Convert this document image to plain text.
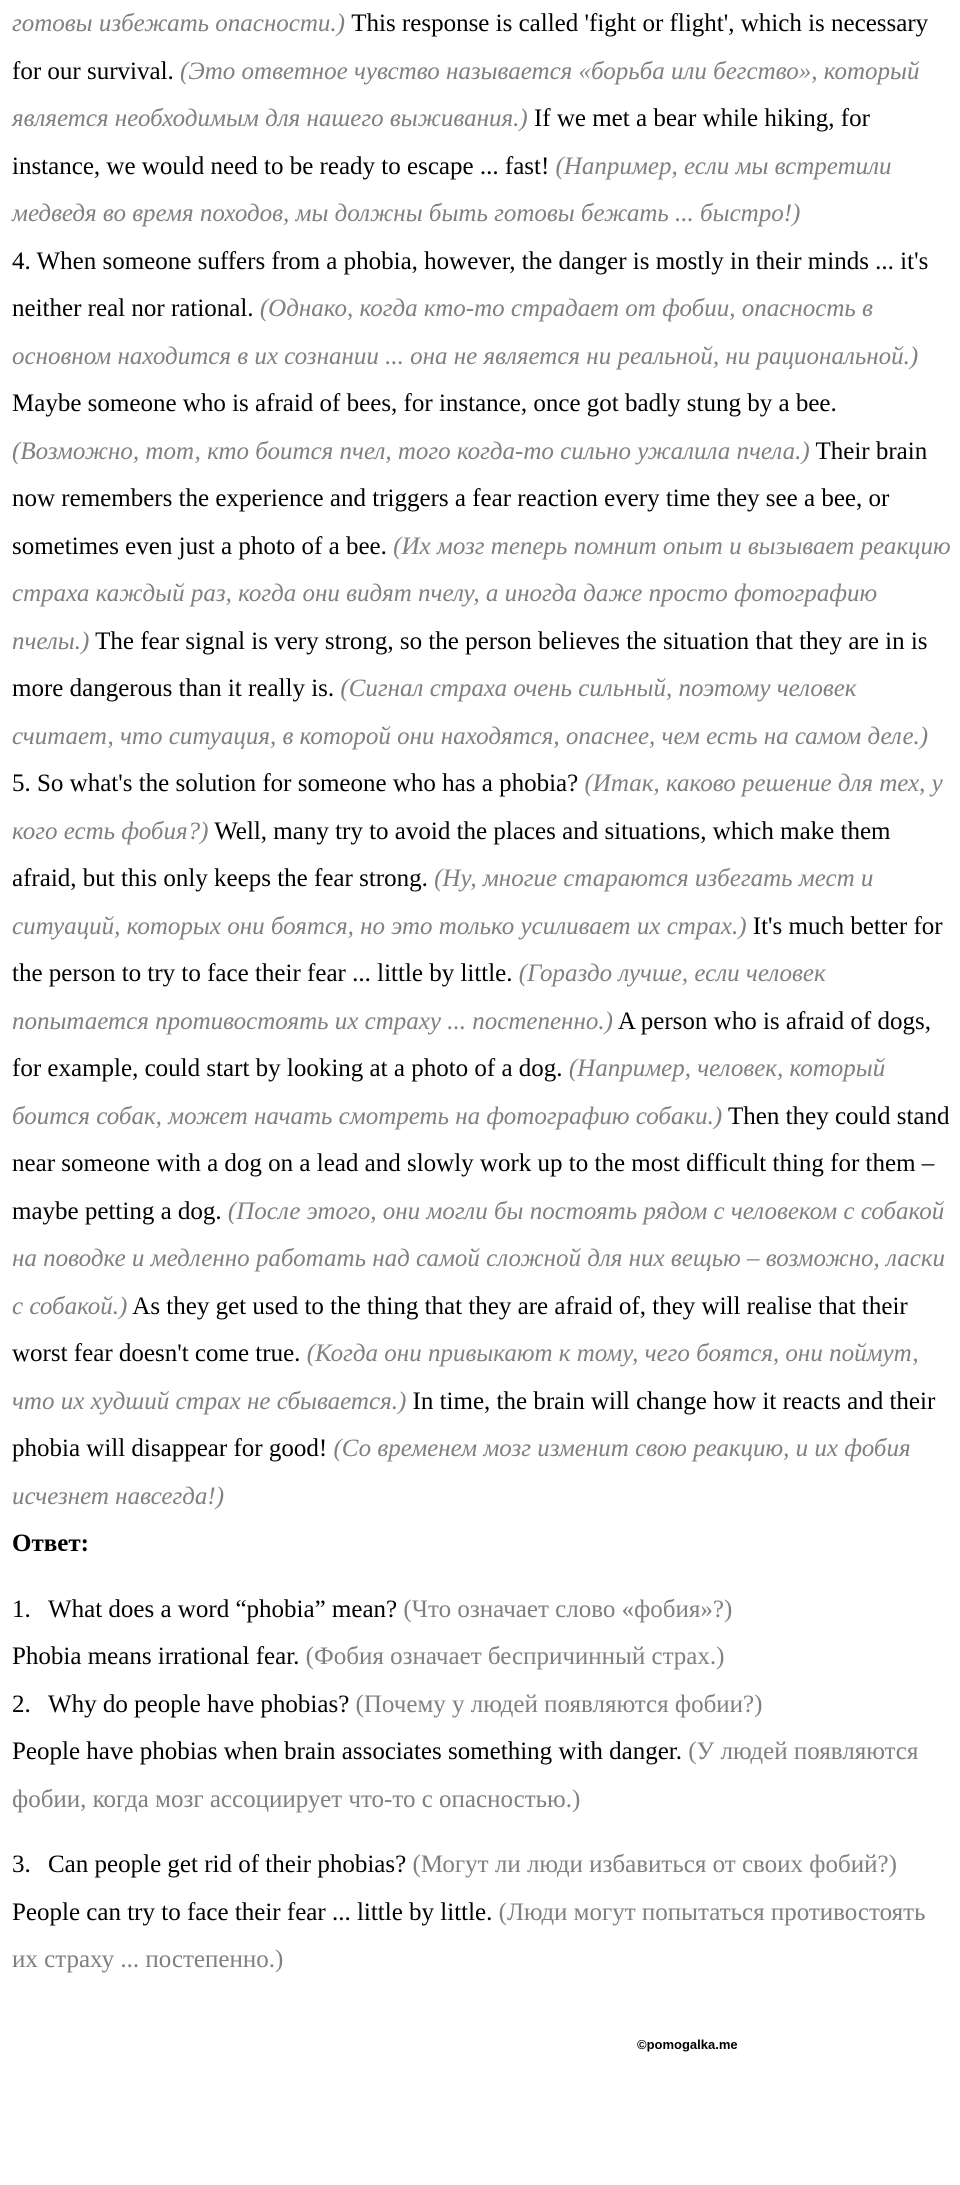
готовы избежать опасности.) This response is called 'fight or flight', which is necessary for our survival. (Это ответное чувство называется «борьба или бегство», который является необходимым для нашего выживания.) If we met a bear while hiking, for instance, we would need to be ready to escape ... fast! (Например, если мы встретили медведя во время походов, мы должны быть готовы бежать ... быстро!)

4. When someone suffers from a phobia, however, the danger is mostly in their minds ... it's neither real nor rational. (Однако, когда кто-то страдает от фобии, опасность в основном находится в их сознании ... она не является ни реальной, ни рациональной.) Maybe someone who is afraid of bees, for instance, once got badly stung by a bee. (Возможно, тот, кто боится пчел, того когда-то сильно ужалила пчела.) Their brain now remembers the experience and triggers a fear reaction every time they see a bee, or sometimes even just a photo of a bee. (Их мозг теперь помнит опыт и вызывает реакцию страха каждый раз, когда они видят пчелу, а иногда даже просто фотографию пчелы.) The fear signal is very strong, so the person believes the situation that they are in is more dangerous than it really is. (Сигнал страха очень сильный, поэтому человек считает, что ситуация, в которой они находятся, опаснее, чем есть на самом деле.)

5. So what's the solution for someone who has a phobia? (Итак, каково решение для тех, у кого есть фобия?) Well, many try to avoid the places and situations, which make them afraid, but this only keeps the fear strong. (Ну, многие стараются избегать мест и ситуаций, которых они боятся, но это только усиливает их страх.) It's much better for the person to try to face their fear ... little by little. (Гораздо лучше, если человек попытается противостоять их страху ... постепенно.) A person who is afraid of dogs, for example, could start by looking at a photo of a dog. (Например, человек, который боится собак, может начать смотреть на фотографию собаки.) Then they could stand near someone with a dog on a lead and slowly work up to the most difficult thing for them – maybe petting a dog. (После этого, они могли бы постоять рядом с человеком с собакой на поводке и медленно работать над самой сложной для них вещью – возможно, ласки с собакой.) As they get used to the thing that they are afraid of, they will realise that their worst fear doesn't come true. (Когда они привыкают к тому, чего боятся, они поймут, что их худший страх не сбывается.) In time, the brain will change how it reacts and their phobia will disappear for good! (Со временем мозг изменит свою реакцию, и их фобия исчезнет навсегда!)

Ответ:

1. What does a word “phobia” mean? (Что означает слово «фобия»?)

Phobia means irrational fear. (Фобия означает беспричинный страх.)

2. Why do people have phobias? (Почему у людей появляются фобии?)

People have phobias when brain associates something with danger. (У людей появляются фобии, когда мозг ассоциирует что-то с опасностью.)

3. Can people get rid of their phobias? (Могут ли люди избавиться от своих фобий?)

People can try to face their fear ... little by little. (Люди могут попытаться противостоять их страху ... постепенно.)

©pomogalka.me
